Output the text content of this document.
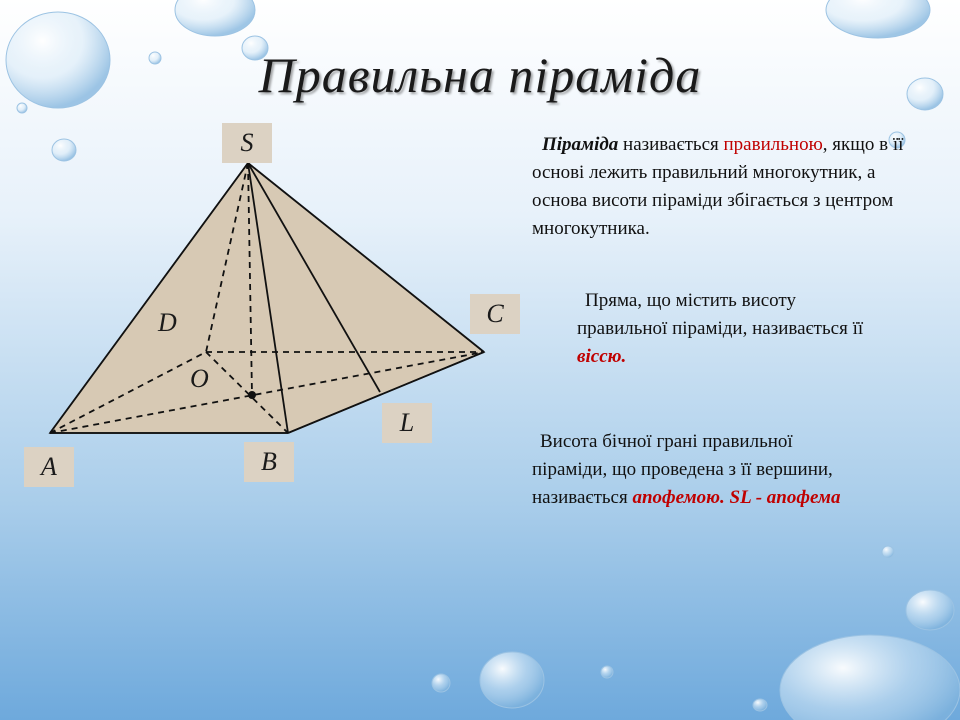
Правильна піраміда
S
A	B
C
L
D
O
Піраміда називається правильною, якщо в її основі лежить правильний многокутник, а основа висоти піраміди збігається з центром многокутника.
Пряма, що містить висоту правильної піраміди, називається її віссю.
Висота бічної грані правильної піраміди, що проведена з її вершини, називається апофемою. SL - апофема
